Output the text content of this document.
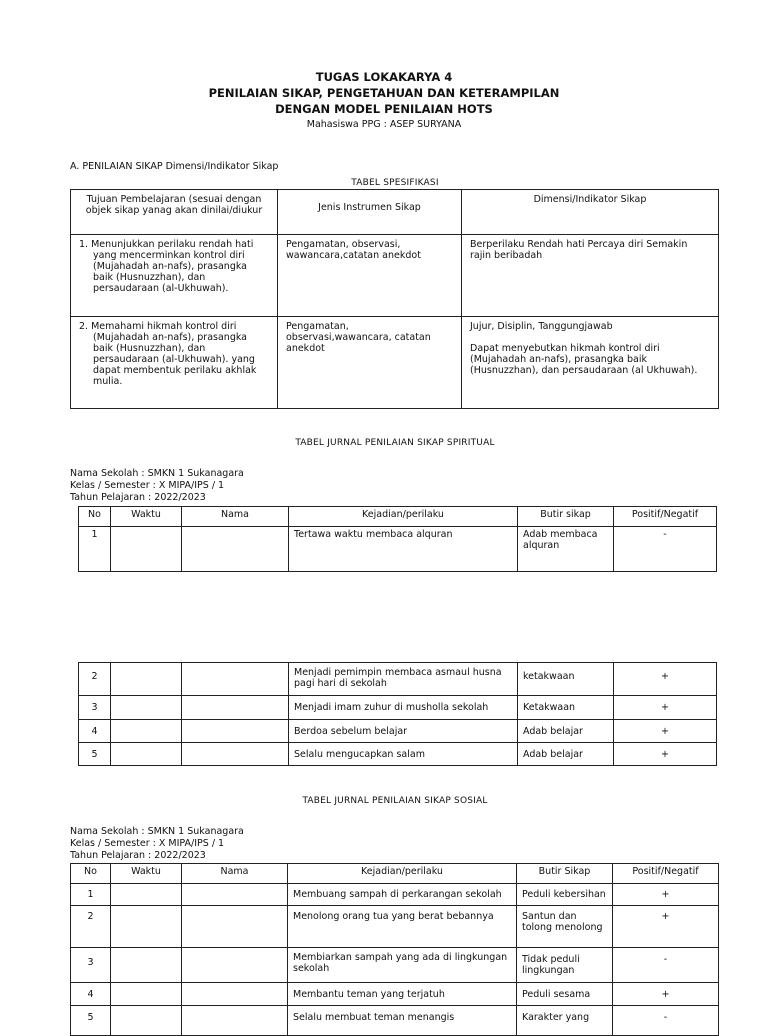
TUGAS LOKAKARYA 4
PENILAIAN SIKAP, PENGETAHUAN DAN KETERAMPILAN
DENGAN MODEL PENILAIAN HOTS
Mahasiswa PPG : ASEP SURYANA
A. PENILAIAN SIKAP Dimensi/Indikator Sikap
TABEL SPESIFIKASI
Tujuan Pembelajaran (sesuai dengan objek sikap yanag akan dinilai/diukur	Jenis Instrumen Sikap	Dimensi/Indikator Sikap

1. Menunjukkan perilaku rendah hati yang mencerminkan kontrol diri (Mujahadah an-nafs), prasangka baik (Husnuzzhan), dan persaudaraan (al-Ukhuwah).	Pengamatan, observasi, wawancara,catatan anekdot	Berperilaku Rendah hati Percaya diri Semakin rajin beribadah

2. Memahami hikmah kontrol diri (Mujahadah an-nafs), prasangka baik (Husnuzzhan), dan persaudaraan (al-Ukhuwah). yang dapat membentuk perilaku akhlak mulia.	Pengamatan, observasi,wawancara, catatan anekdot	Jujur, Disiplin, Tanggungjawab
Dapat menyebutkan hikmah kontrol diri (Mujahadah an-nafs), prasangka baik (Husnuzzhan), dan persaudaraan (al Ukhuwah).
TABEL JURNAL PENILAIAN SIKAP SPIRITUAL
Nama Sekolah : SMKN 1 Sukanagara
Kelas / Semester : X MIPA/IPS / 1
Tahun Pelajaran : 2022/2023
No	Waktu	Nama	Kejadian/perilaku	Butir sikap	Positif/Negatif
1			Tertawa waktu membaca alquran	Adab membaca alquran	-
2			Menjadi pemimpin membaca asmaul husna pagi hari di sekolah	ketakwaan	+
3			Menjadi imam zuhur di musholla sekolah	Ketakwaan	+
4			Berdoa sebelum belajar	Adab belajar	+
5			Selalu mengucapkan salam	Adab belajar	+
TABEL JURNAL PENILAIAN SIKAP SOSIAL
Nama Sekolah : SMKN 1 Sukanagara
Kelas / Semester : X MIPA/IPS / 1
Tahun Pelajaran : 2022/2023
No	Waktu	Nama	Kejadian/perilaku	Butir Sikap	Positif/Negatif
1			Membuang sampah di perkarangan sekolah	Peduli kebersihan	+
2			Menolong orang tua yang berat bebannya	Santun dan tolong menolong	+
3			Membiarkan sampah yang ada di lingkungan sekolah	Tidak peduli lingkungan	-
4			Membantu teman yang terjatuh	Peduli sesama	+
5			Selalu membuat teman menangis	Karakter yang	-
